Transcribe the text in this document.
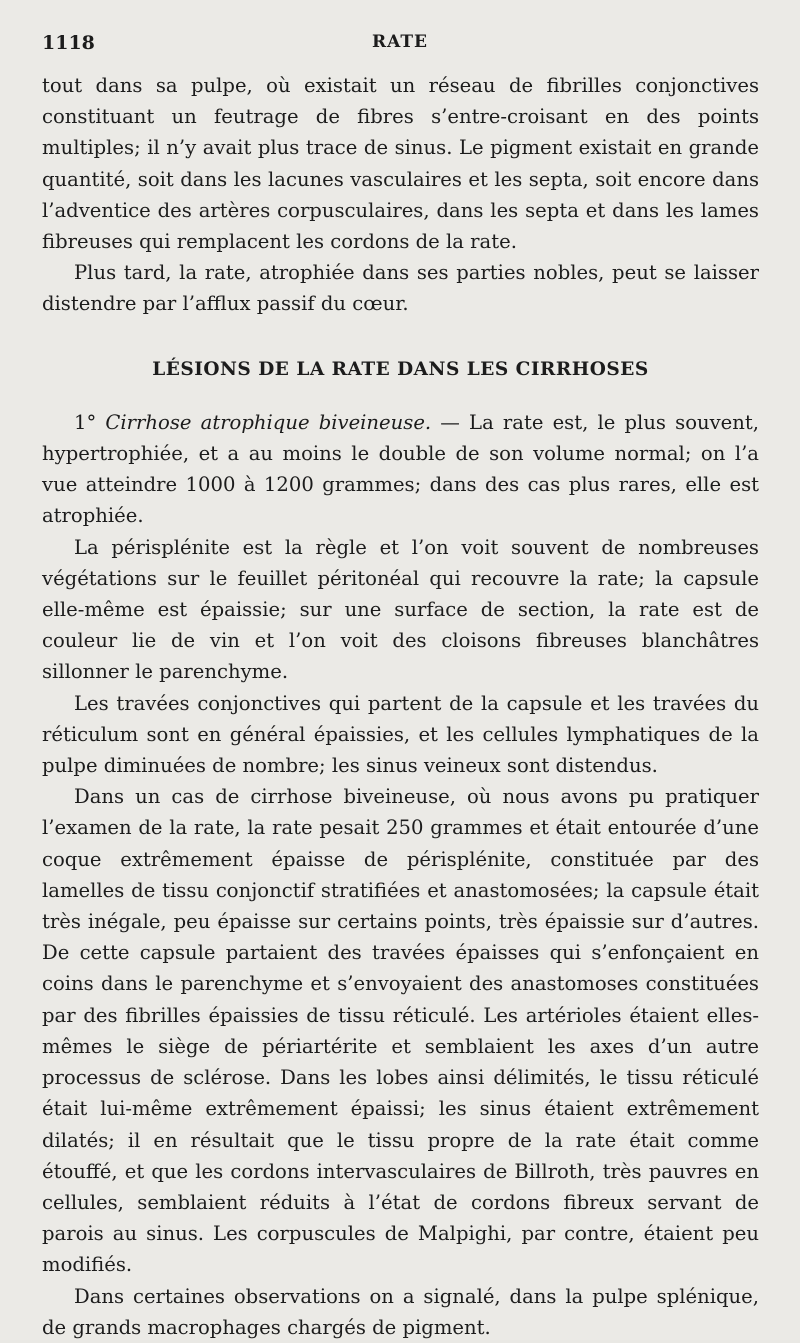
1118	RATE

tout dans sa pulpe, où existait un réseau de fibrilles conjonctives constituant un feutrage de fibres s’entre-croisant en des points multiples; il n’y avait plus trace de sinus. Le pigment existait en grande quantité, soit dans les lacunes vasculaires et les septa, soit encore dans l’adventice des artères corpusculaires, dans les septa et dans les lames fibreuses qui remplacent les cordons de la rate.

Plus tard, la rate, atrophiée dans ses parties nobles, peut se laisser distendre par l’afflux passif du cœur.

LÉSIONS DE LA RATE DANS LES CIRRHOSES

1° Cirrhose atrophique biveineuse. — La rate est, le plus souvent, hypertrophiée, et a au moins le double de son volume normal; on l’a vue atteindre 1000 à 1200 grammes; dans des cas plus rares, elle est atrophiée.

La périsplénite est la règle et l’on voit souvent de nombreuses végétations sur le feuillet péritonéal qui recouvre la rate; la capsule elle-même est épaissie; sur une surface de section, la rate est de couleur lie de vin et l’on voit des cloisons fibreuses blanchâtres sillonner le parenchyme.

Les travées conjonctives qui partent de la capsule et les travées du réticulum sont en général épaissies, et les cellules lymphatiques de la pulpe diminuées de nombre; les sinus veineux sont distendus.

Dans un cas de cirrhose biveineuse, où nous avons pu pratiquer l’examen de la rate, la rate pesait 250 grammes et était entourée d’une coque extrêmement épaisse de périsplénite, constituée par des lamelles de tissu conjonctif stratifiées et anastomosées; la capsule était très inégale, peu épaisse sur certains points, très épaissie sur d’autres. De cette capsule partaient des travées épaisses qui s’enfonçaient en coins dans le parenchyme et s’envoyaient des anastomoses constituées par des fibrilles épaissies de tissu réticulé. Les artérioles étaient elles-mêmes le siège de périartérite et semblaient les axes d’un autre processus de sclérose. Dans les lobes ainsi délimités, le tissu réticulé était lui-même extrêmement épaissi; les sinus étaient extrêmement dilatés; il en résultait que le tissu propre de la rate était comme étouffé, et que les cordons intervasculaires de Billroth, très pauvres en cellules, semblaient réduits à l’état de cordons fibreux servant de parois au sinus. Les corpuscules de Malpighi, par contre, étaient peu modifiés.

Dans certaines observations on a signalé, dans la pulpe splénique, de grands macrophages chargés de pigment.
